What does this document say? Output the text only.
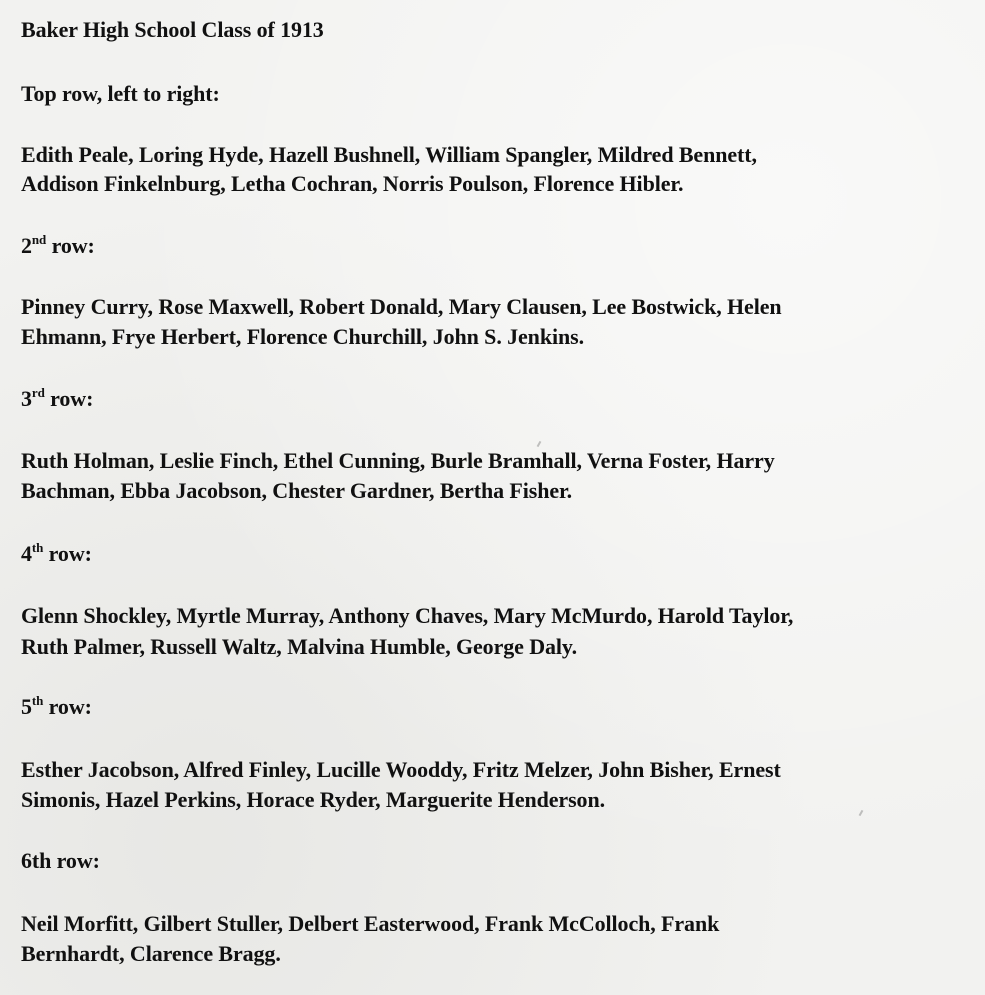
Baker High School Class of 1913
Top row, left to right:
Edith Peale, Loring Hyde, Hazell Bushnell, William Spangler, Mildred Bennett,
Addison Finkelnburg, Letha Cochran, Norris Poulson, Florence Hibler.
2nd row:
Pinney Curry, Rose Maxwell, Robert Donald, Mary Clausen, Lee Bostwick, Helen
Ehmann, Frye Herbert, Florence Churchill, John S. Jenkins.
3rd row:
Ruth Holman, Leslie Finch, Ethel Cunning, Burle Bramhall, Verna Foster, Harry
Bachman, Ebba Jacobson, Chester Gardner, Bertha Fisher.
4th row:
Glenn Shockley, Myrtle Murray, Anthony Chaves, Mary McMurdo, Harold Taylor,
Ruth Palmer, Russell Waltz, Malvina Humble, George Daly.
5th row:
Esther Jacobson, Alfred Finley, Lucille Wooddy, Fritz Melzer, John Bisher, Ernest
Simonis, Hazel Perkins, Horace Ryder, Marguerite Henderson.
6th row:
Neil Morfitt, Gilbert Stuller, Delbert Easterwood, Frank McColloch, Frank
Bernhardt, Clarence Bragg.
